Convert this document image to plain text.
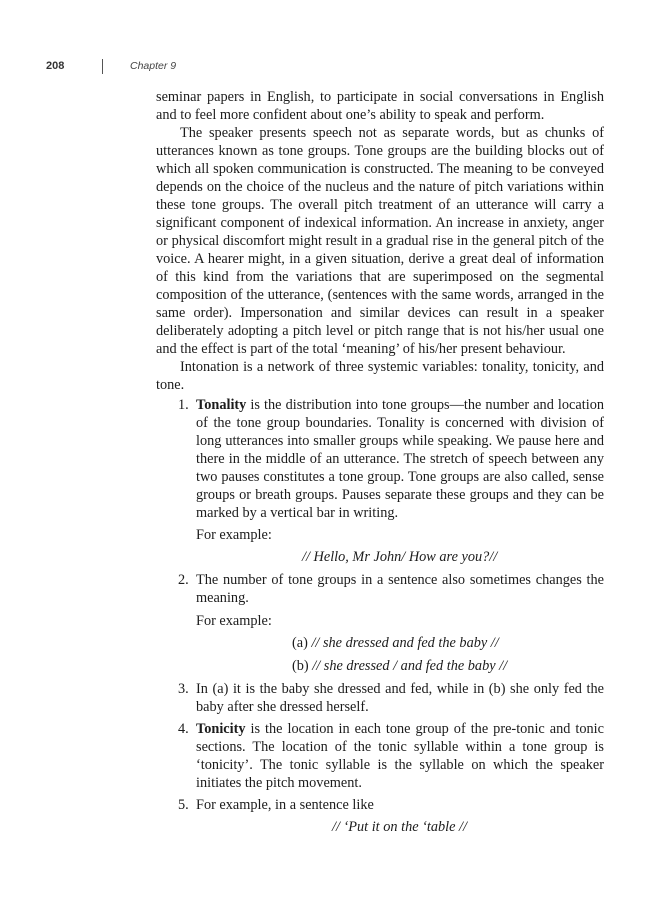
208	Chapter 9

seminar papers in English, to participate in social conversations in English and to feel more confident about one’s ability to speak and perform.

The speaker presents speech not as separate words, but as chunks of utterances known as tone groups. Tone groups are the building blocks out of which all spoken communication is constructed. The meaning to be conveyed depends on the choice of the nucleus and the nature of pitch variations within these tone groups. The overall pitch treatment of an utterance will carry a significant component of indexical information. An increase in anxiety, anger or physical discomfort might result in a gradual rise in the general pitch of the voice. A hearer might, in a given situation, derive a great deal of information of this kind from the variations that are superimposed on the segmental composition of the utterance, (sentences with the same words, arranged in the same order). Impersonation and similar devices can result in a speaker deliberately adopting a pitch level or pitch range that is not his/her usual one and the effect is part of the total ‘meaning’ of his/her present behaviour.

Intonation is a network of three systemic variables: tonality, tonicity, and tone.

1. Tonality is the distribution into tone groups—the number and location of the tone group boundaries. Tonality is concerned with division of long utterances into smaller groups while speaking. We pause here and there in the middle of an utterance. The stretch of speech between any two pauses constitutes a tone group. Tone groups are also called, sense groups or breath groups. Pauses separate these groups and they can be marked by a vertical bar in writing.
For example:
// Hello, Mr John/ How are you?//
2. The number of tone groups in a sentence also sometimes changes the meaning.
For example:
(a) // she dressed and fed the baby //
(b) // she dressed / and fed the baby //
3. In (a) it is the baby she dressed and fed, while in (b) she only fed the baby after she dressed herself.
4. Tonicity is the location in each tone group of the pre-tonic and tonic sections. The location of the tonic syllable within a tone group is ‘tonicity’. The tonic syllable is the syllable on which the speaker initiates the pitch movement.
5. For example, in a sentence like
// ‘Put it on the ‘table //
